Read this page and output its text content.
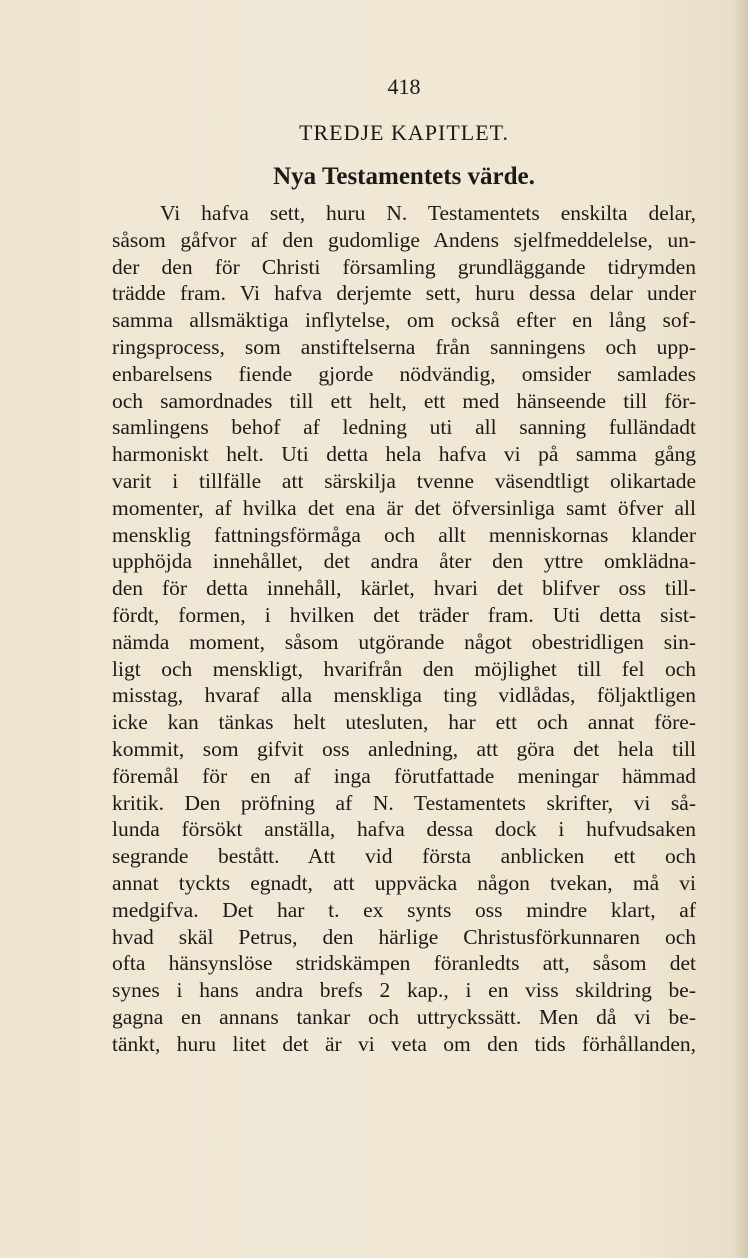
418
TREDJE KAPITLET.
Nya Testamentets värde.
Vi hafva sett, huru N. Testamentets enskilta delar,
såsom gåfvor af den gudomlige Andens sjelfmeddelelse, un-
der den för Christi församling grundläggande tidrymden
trädde fram. Vi hafva derjemte sett, huru dessa delar under
samma allsmäktiga inflytelse, om också efter en lång sof-
ringsprocess, som anstiftelserna från sanningens och upp-
enbarelsens fiende gjorde nödvändig, omsider samlades
och samordnades till ett helt, ett med hänseende till för-
samlingens behof af ledning uti all sanning fulländadt
harmoniskt helt. Uti detta hela hafva vi på samma gång
varit i tillfälle att särskilja tvenne väsendtligt olikartade
momenter, af hvilka det ena är det öfversinliga samt öfver all
mensklig fattningsförmåga och allt menniskornas klander
upphöjda innehållet, det andra åter den yttre omklädna-
den för detta innehåll, kärlet, hvari det blifver oss till-
fördt, formen, i hvilken det träder fram. Uti detta sist-
nämda moment, såsom utgörande något obestridligen sin-
ligt och menskligt, hvarifrån den möjlighet till fel och
misstag, hvaraf alla menskliga ting vidlådas, följaktligen
icke kan tänkas helt utesluten, har ett och annat före-
kommit, som gifvit oss anledning, att göra det hela till
föremål för en af inga förutfattade meningar hämmad
kritik. Den pröfning af N. Testamentets skrifter, vi så-
lunda försökt anställa, hafva dessa dock i hufvudsaken
segrande bestått. Att vid första anblicken ett och
annat tyckts egnadt, att uppväcka någon tvekan, må vi
medgifva. Det har t. ex synts oss mindre klart, af
hvad skäl Petrus, den härlige Christusförkunnaren och
ofta hänsynslöse stridskämpen föranledts att, såsom det
synes i hans andra brefs 2 kap., i en viss skildring be-
gagna en annans tankar och uttryckssätt. Men då vi be-
tänkt, huru litet det är vi veta om den tids förhållanden,
